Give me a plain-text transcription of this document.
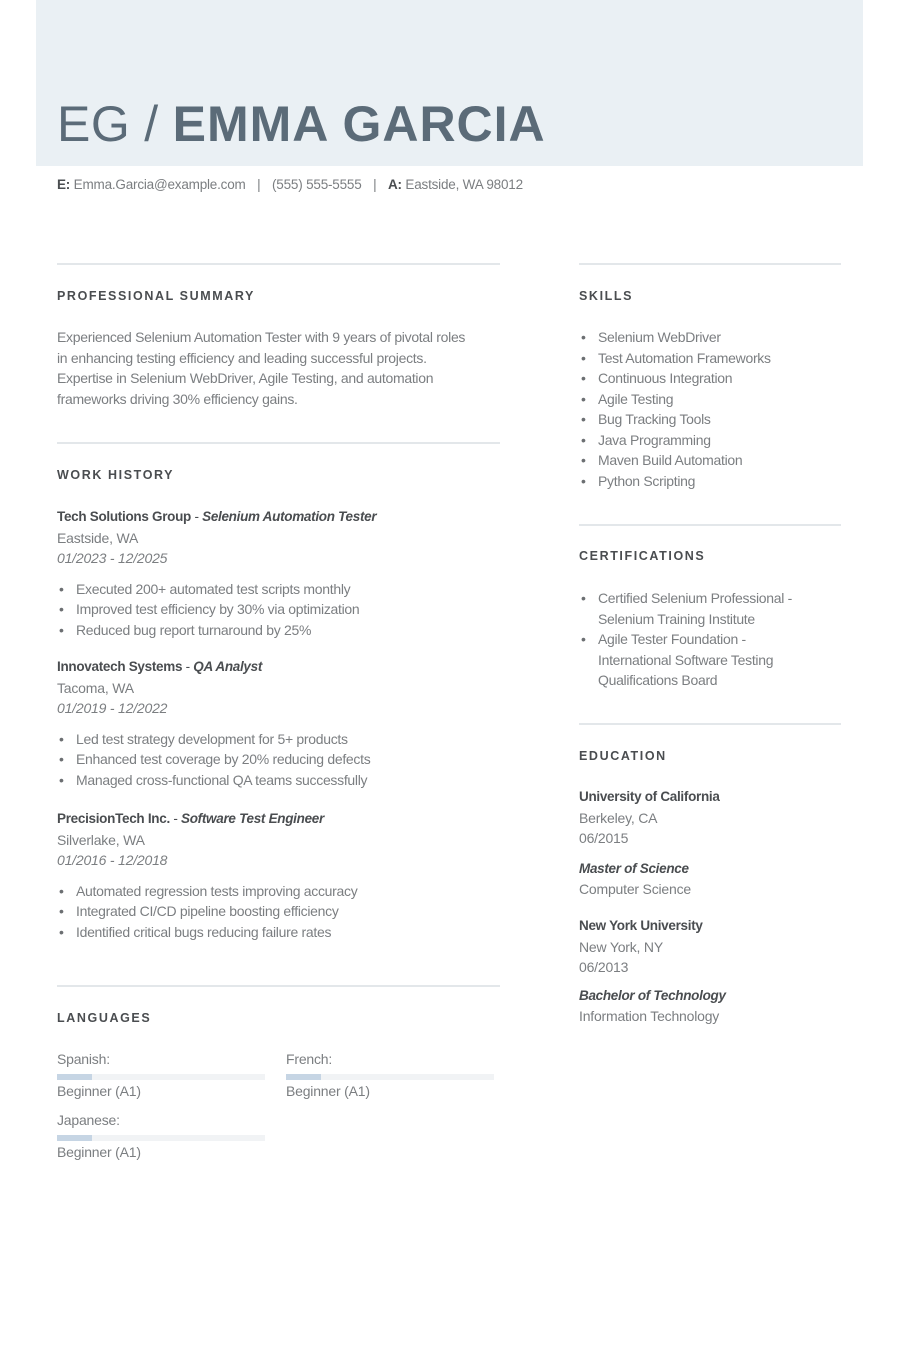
EG / EMMA GARCIA
E: Emma.Garcia@example.com | (555) 555-5555 | A: Eastside, WA 98012
PROFESSIONAL SUMMARY
Experienced Selenium Automation Tester with 9 years of pivotal roles
in enhancing testing efficiency and leading successful projects.
Expertise in Selenium WebDriver, Agile Testing, and automation
frameworks driving 30% efficiency gains.
WORK HISTORY
Tech Solutions Group - Selenium Automation Tester
Eastside, WA
01/2023 - 12/2025
• Executed 200+ automated test scripts monthly
• Improved test efficiency by 30% via optimization
• Reduced bug report turnaround by 25%
Innovatech Systems - QA Analyst
Tacoma, WA
01/2019 - 12/2022
• Led test strategy development for 5+ products
• Enhanced test coverage by 20% reducing defects
• Managed cross-functional QA teams successfully
PrecisionTech Inc. - Software Test Engineer
Silverlake, WA
01/2016 - 12/2018
• Automated regression tests improving accuracy
• Integrated CI/CD pipeline boosting efficiency
• Identified critical bugs reducing failure rates
LANGUAGES
Spanish:
Beginner (A1)
French:
Beginner (A1)
Japanese:
Beginner (A1)
SKILLS
• Selenium WebDriver
• Test Automation Frameworks
• Continuous Integration
• Agile Testing
• Bug Tracking Tools
• Java Programming
• Maven Build Automation
• Python Scripting
CERTIFICATIONS
• Certified Selenium Professional - Selenium Training Institute
• Agile Tester Foundation - International Software Testing Qualifications Board
EDUCATION
University of California
Berkeley, CA
06/2015
Master of Science
Computer Science
New York University
New York, NY
06/2013
Bachelor of Technology
Information Technology
